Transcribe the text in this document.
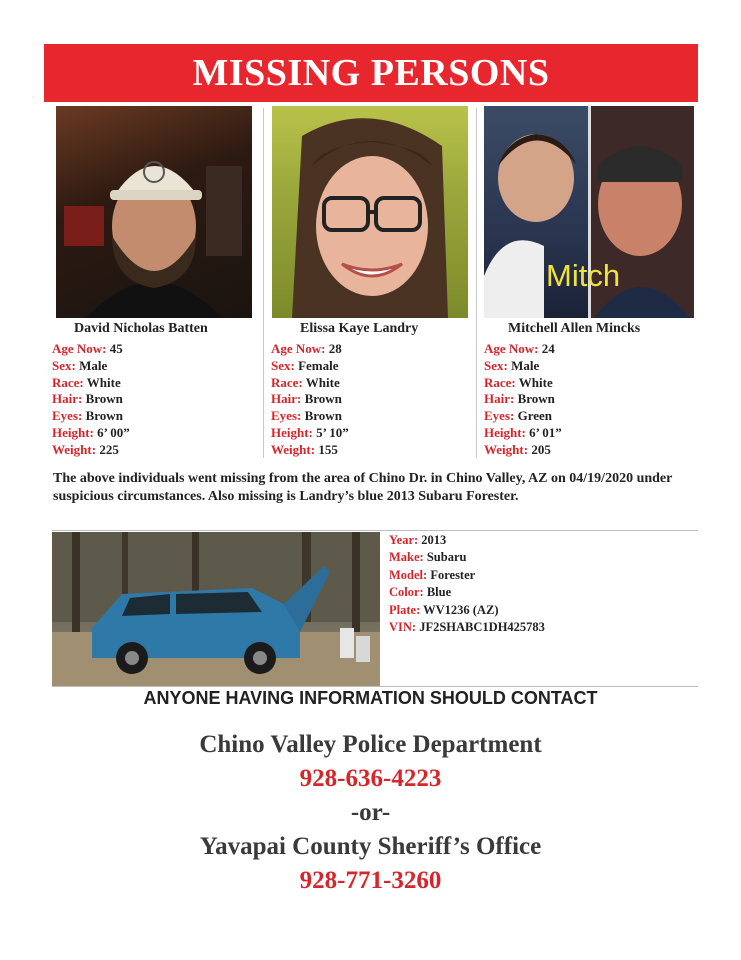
MISSING PERSONS
David Nicholas Batten
Age Now: 45
Sex: Male
Race: White
Hair: Brown
Eyes: Brown
Height: 6’ 00”
Weight: 225
Elissa Kaye Landry
Age Now: 28
Sex: Female
Race: White
Hair: Brown
Eyes: Brown
Height: 5’ 10”
Weight: 155
Mitch
Mitchell Allen Mincks
Age Now: 24
Sex: Male
Race: White
Hair: Brown
Eyes: Green
Height: 6’ 01”
Weight: 205
The above individuals went missing from the area of Chino Dr. in Chino Valley, AZ on 04/19/2020 under suspicious circumstances. Also missing is Landry’s blue 2013 Subaru Forester.
Year: 2013
Make: Subaru
Model: Forester
Color: Blue
Plate: WV1236 (AZ)
VIN: JF2SHABC1DH425783
ANYONE HAVING INFORMATION SHOULD CONTACT
Chino Valley Police Department
928-636-4223
-or-
Yavapai County Sheriff’s Office
928-771-3260
